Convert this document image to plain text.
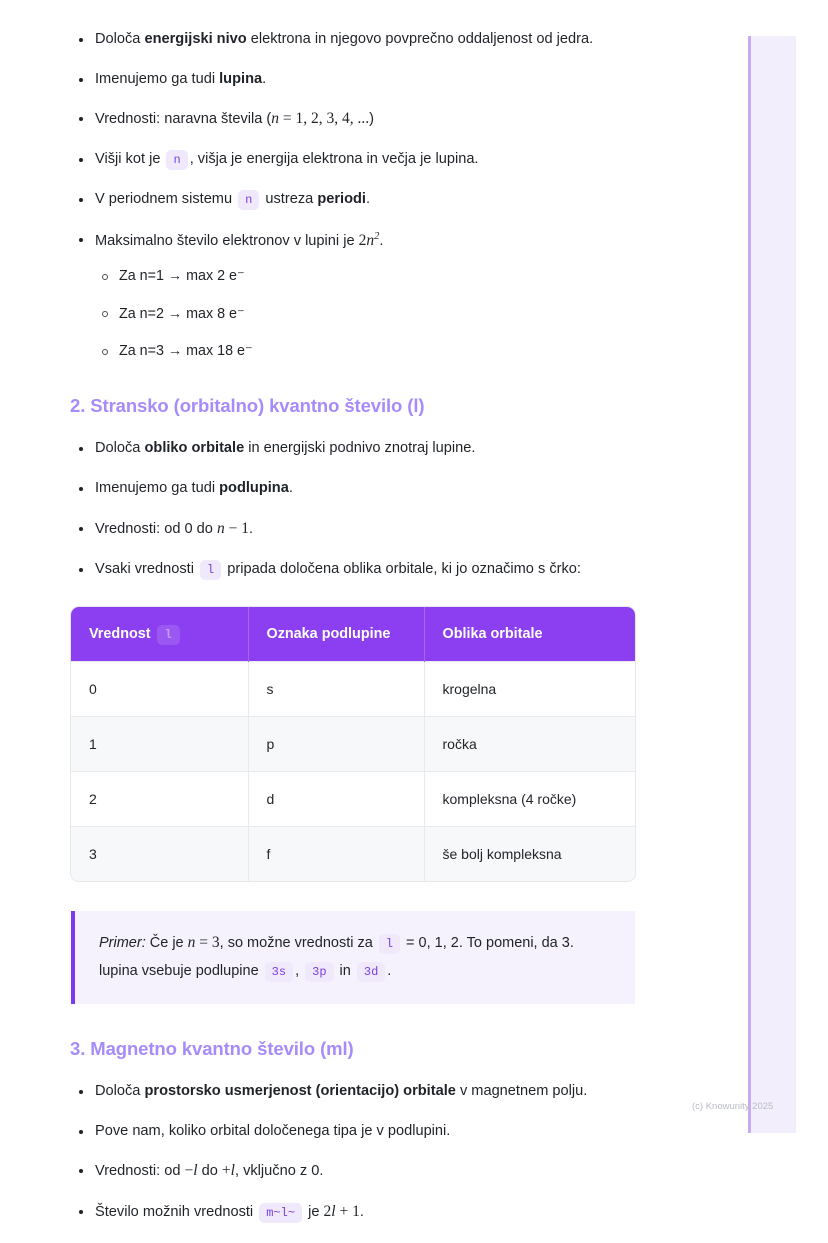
Določa energijski nivo elektrona in njegovo povprečno oddaljenost od jedra.
Imenujemo ga tudi lupina.
Vrednosti: naravna števila (n = 1, 2, 3, 4, ...)
Višji kot je n , višja je energija elektrona in večja je lupina.
V periodnem sistemu n ustreza periodi.
Maksimalno število elektronov v lupini je $2n^2$.
Za n=1 → max 2 e⁻
Za n=2 → max 8 e⁻
Za n=3 → max 18 e⁻
2. Stransko (orbitalno) kvantno število (l)
Določa obliko orbitale in energijski podnivo znotraj lupine.
Imenujemo ga tudi podlupina.
Vrednosti: od 0 do n − 1.
Vsaki vrednosti l pripada določena oblika orbitale, ki jo označimo s črko:
Vrednost l	Oznaka podlupine	Oblika orbitale
0	s	krogelna
1	p	ročka
2	d	kompleksna (4 ročke)
3	f	še bolj kompleksna
Primer: Če je n = 3, so možne vrednosti za l = 0, 1, 2. To pomeni, da 3. lupina vsebuje podlupine 3s , 3p in 3d .
3. Magnetno kvantno število (ml)
Določa prostorsko usmerjenost (orientacijo) orbitale v magnetnem polju.
Pove nam, koliko orbital določenega tipa je v podlupini.
Vrednosti: od −l do +l, vključno z 0.
Število možnih vrednosti m~l~ je 2l + 1.
(c) Knowunity 2025
